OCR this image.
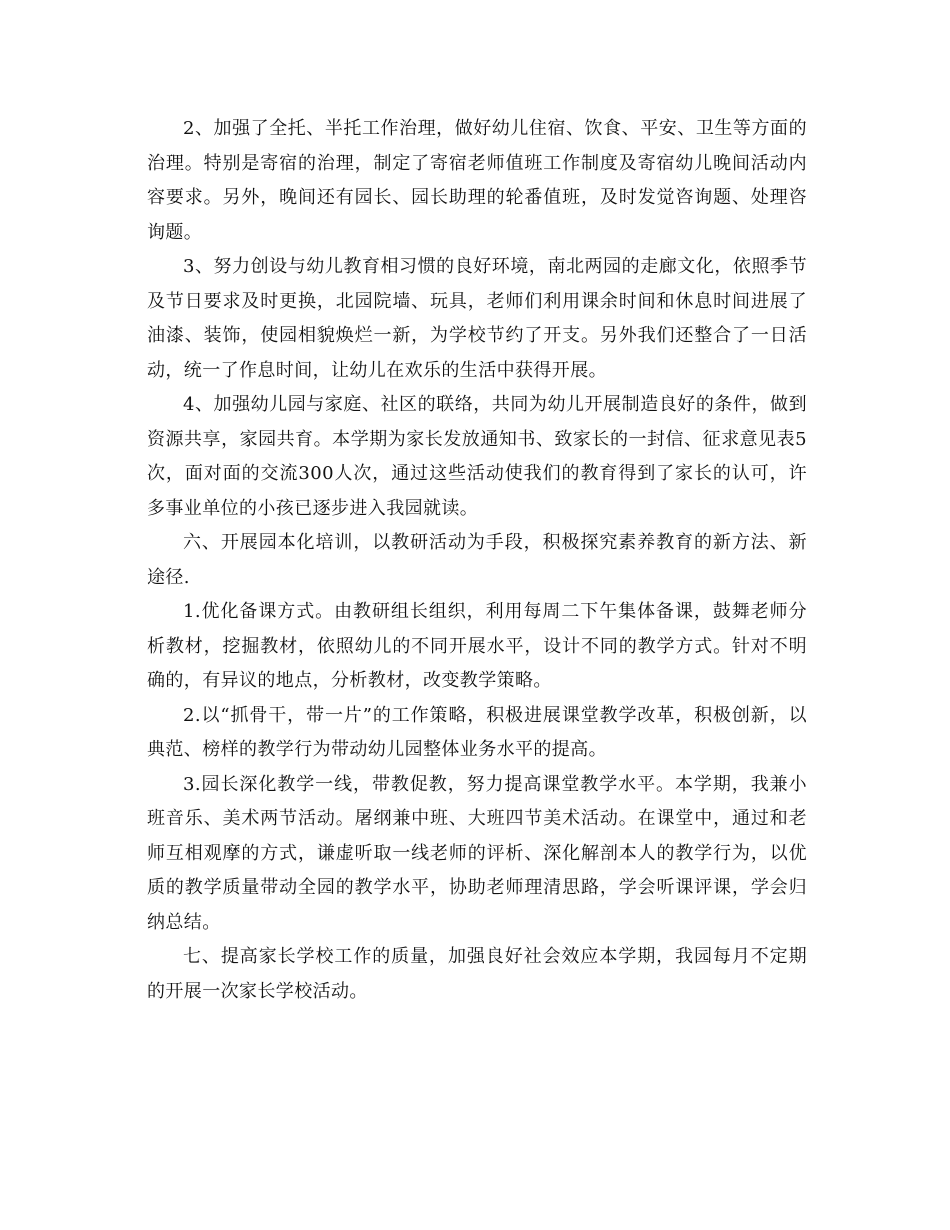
2、加强了全托、半托工作治理，做好幼儿住宿、饮食、平安、卫生等方面的治理。特别是寄宿的治理，制定了寄宿老师值班工作制度及寄宿幼儿晚间活动内容要求。另外，晚间还有园长、园长助理的轮番值班，及时发觉咨询题、处理咨询题。

3、努力创设与幼儿教育相习惯的良好环境，南北两园的走廊文化，依照季节及节日要求及时更换，北园院墙、玩具，老师们利用课余时间和休息时间进展了油漆、装饰，使园相貌焕烂一新，为学校节约了开支。另外我们还整合了一日活动，统一了作息时间，让幼儿在欢乐的生活中获得开展。

4、加强幼儿园与家庭、社区的联络，共同为幼儿开展制造良好的条件，做到资源共享，家园共育。本学期为家长发放通知书、致家长的一封信、征求意见表5次，面对面的交流300人次，通过这些活动使我们的教育得到了家长的认可，许多事业单位的小孩已逐步进入我园就读。

六、开展园本化培训，以教研活动为手段，积极探究素养教育的新方法、新途径.

1.优化备课方式。由教研组长组织，利用每周二下午集体备课，鼓舞老师分析教材，挖掘教材，依照幼儿的不同开展水平，设计不同的教学方式。针对不明确的，有异议的地点，分析教材，改变教学策略。

2.以“抓骨干，带一片”的工作策略，积极进展课堂教学改革，积极创新，以典范、榜样的教学行为带动幼儿园整体业务水平的提高。

3.园长深化教学一线，带教促教，努力提高课堂教学水平。本学期，我兼小班音乐、美术两节活动。屠纲兼中班、大班四节美术活动。在课堂中，通过和老师互相观摩的方式，谦虚听取一线老师的评析、深化解剖本人的教学行为，以优质的教学质量带动全园的教学水平，协助老师理清思路，学会听课评课，学会归纳总结。

七、提高家长学校工作的质量，加强良好社会效应本学期，我园每月不定期的开展一次家长学校活动。
